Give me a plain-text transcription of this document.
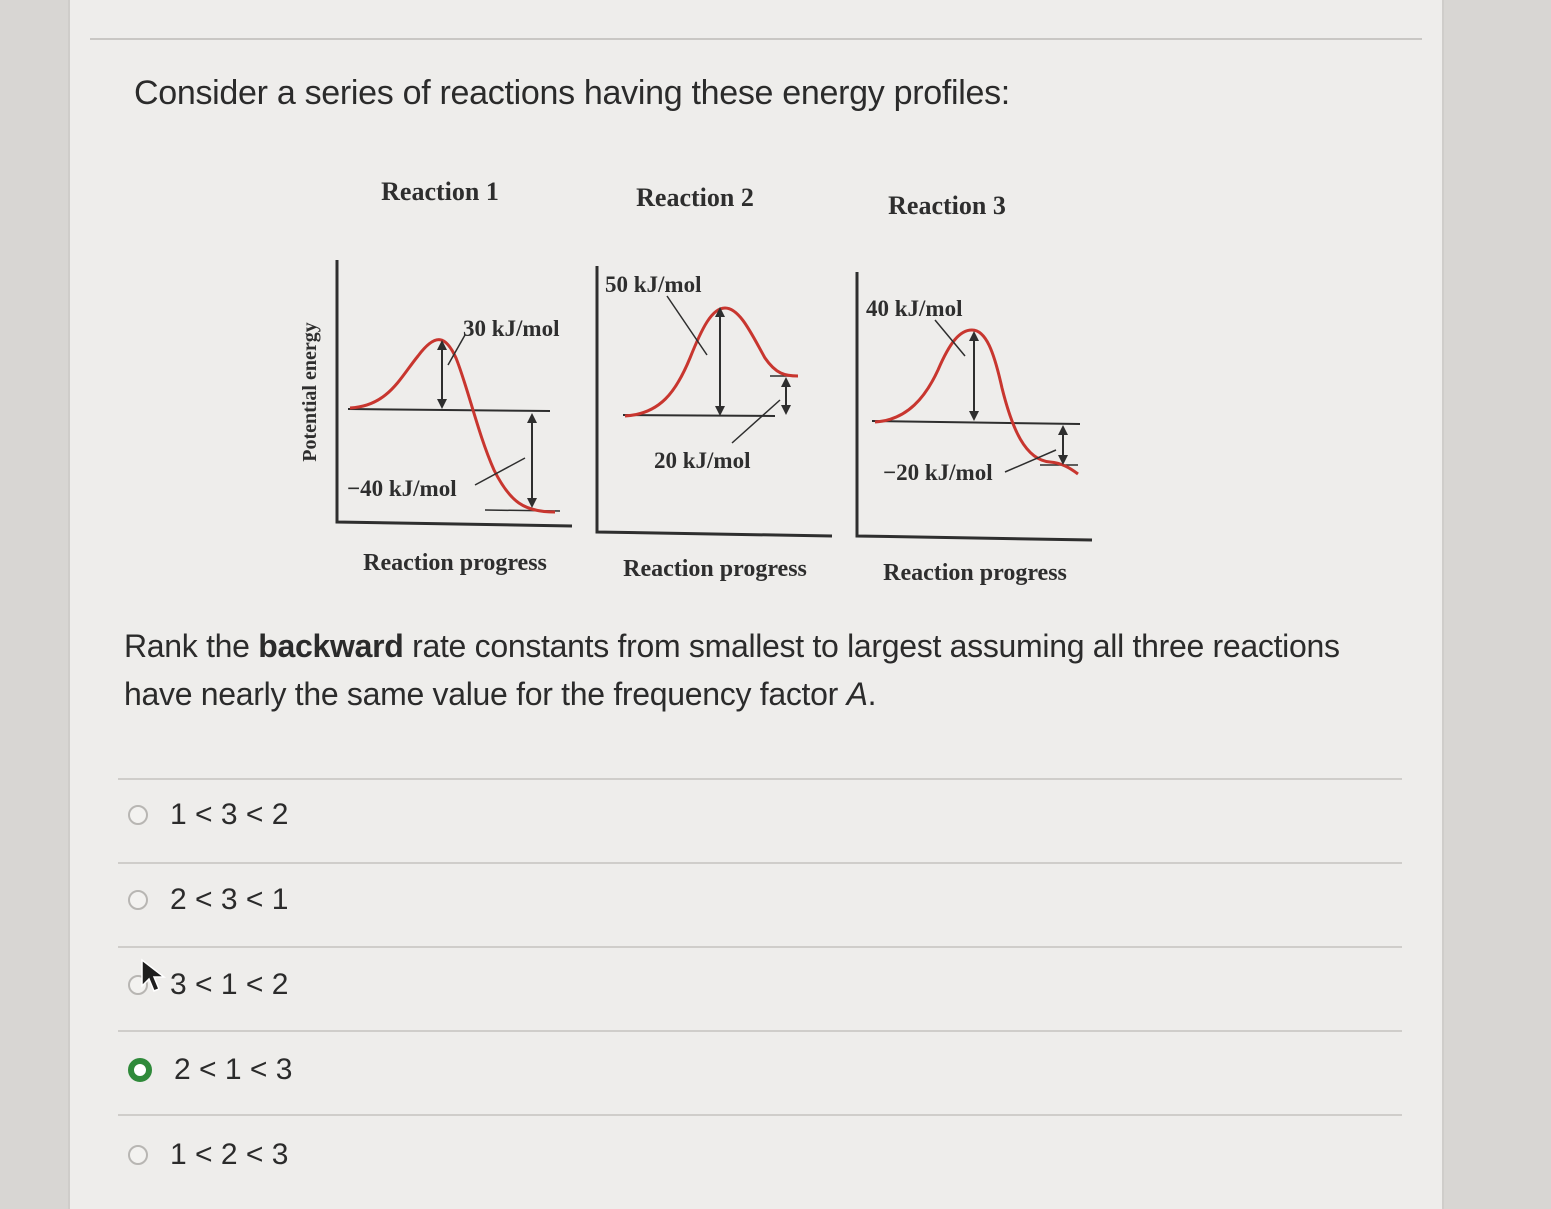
Consider a series of reactions having these energy profiles:
Reaction 1	Reaction 2	Reaction 3
Potential energy	30 kJ/mol
−40 kJ/mol
Reaction progress
50 kJ/mol
20 kJ/mol
Reaction progress
40 kJ/mol
−20 kJ/mol
Reaction progress
Rank the backward rate constants from smallest to largest assuming all three reactions have nearly the same value for the frequency factor A.
1 < 3 < 2
2 < 3 < 1
3 < 1 < 2
2 < 1 < 3
1 < 2 < 3
